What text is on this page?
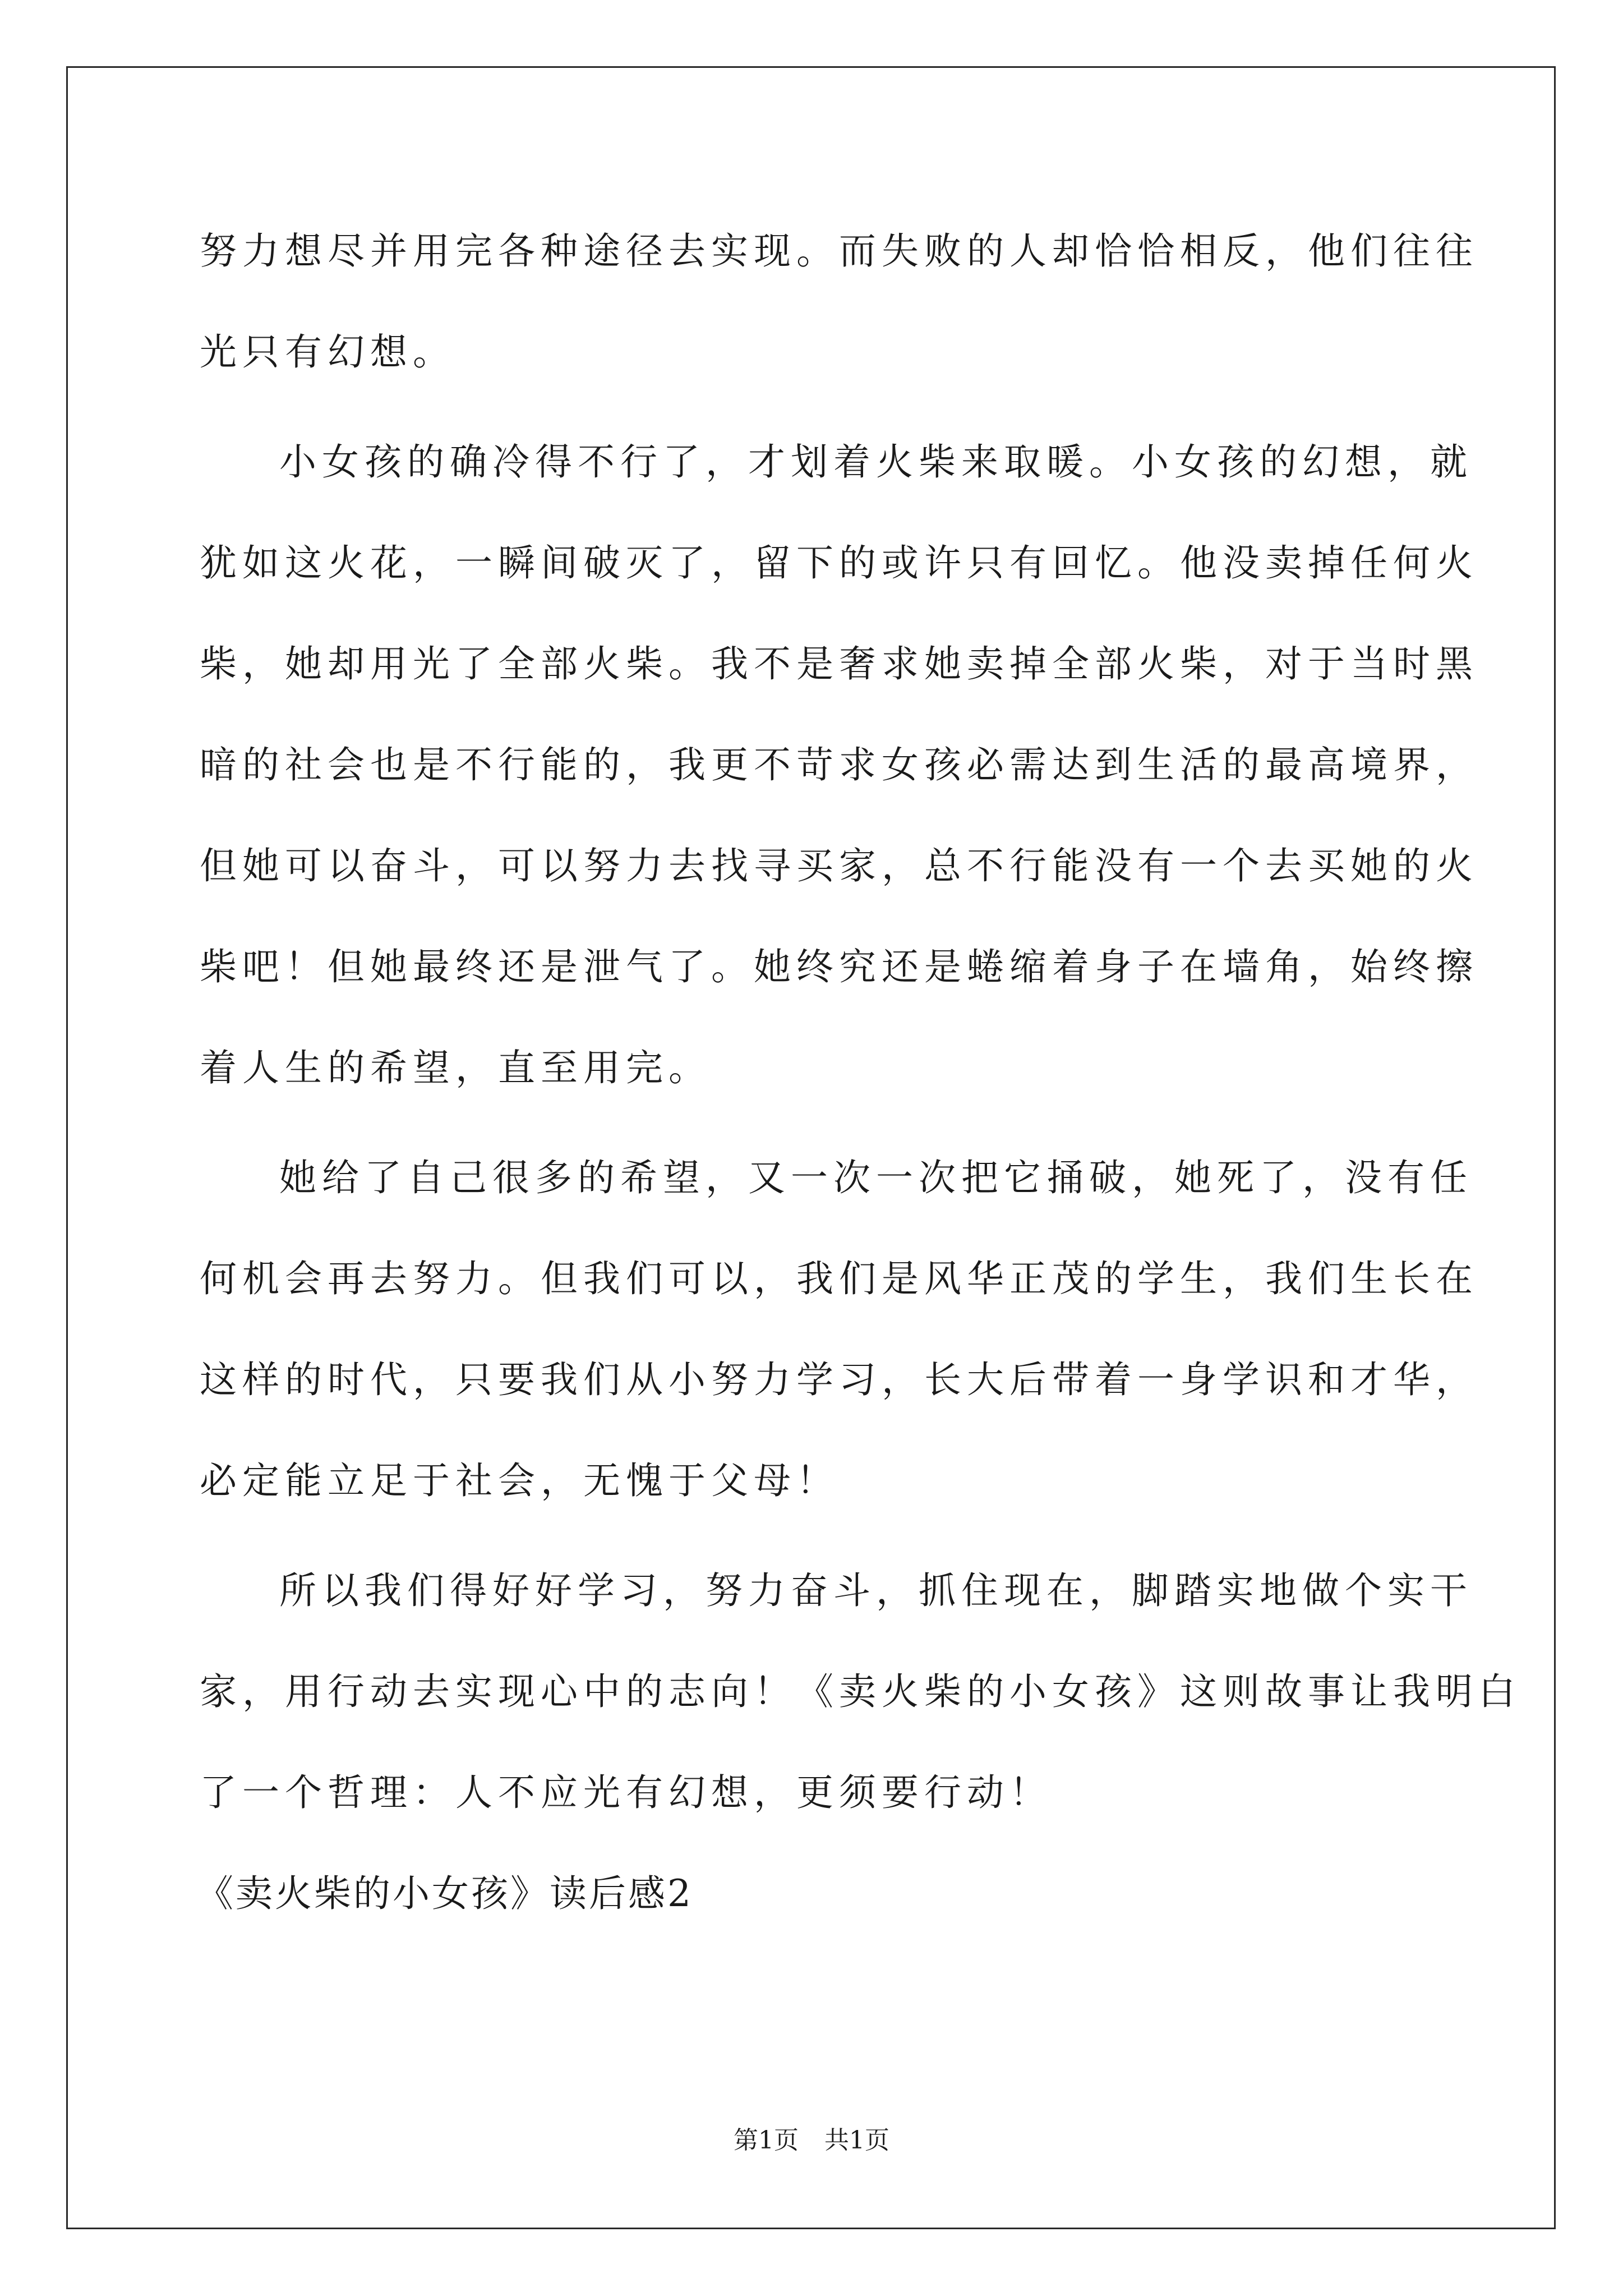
努力想尽并用完各种途径去实现。而失败的人却恰恰相反，他们往往
光只有幻想。
小女孩的确冷得不行了，才划着火柴来取暖。小女孩的幻想，就
犹如这火花，一瞬间破灭了，留下的或许只有回忆。他没卖掉任何火
柴，她却用光了全部火柴。我不是奢求她卖掉全部火柴，对于当时黑
暗的社会也是不行能的，我更不苛求女孩必需达到生活的最高境界，
但她可以奋斗，可以努力去找寻买家，总不行能没有一个去买她的火
柴吧！但她最终还是泄气了。她终究还是蜷缩着身子在墙角，始终擦
着人生的希望，直至用完。
她给了自己很多的希望，又一次一次把它捅破，她死了，没有任
何机会再去努力。但我们可以，我们是风华正茂的学生，我们生长在
这样的时代，只要我们从小努力学习，长大后带着一身学识和才华，
必定能立足于社会，无愧于父母！
所以我们得好好学习，努力奋斗，抓住现在，脚踏实地做个实干
家，用行动去实现心中的志向！《卖火柴的小女孩》这则故事让我明白
了一个哲理：人不应光有幻想，更须要行动！
《卖火柴的小女孩》读后感2
第1页 共1页
